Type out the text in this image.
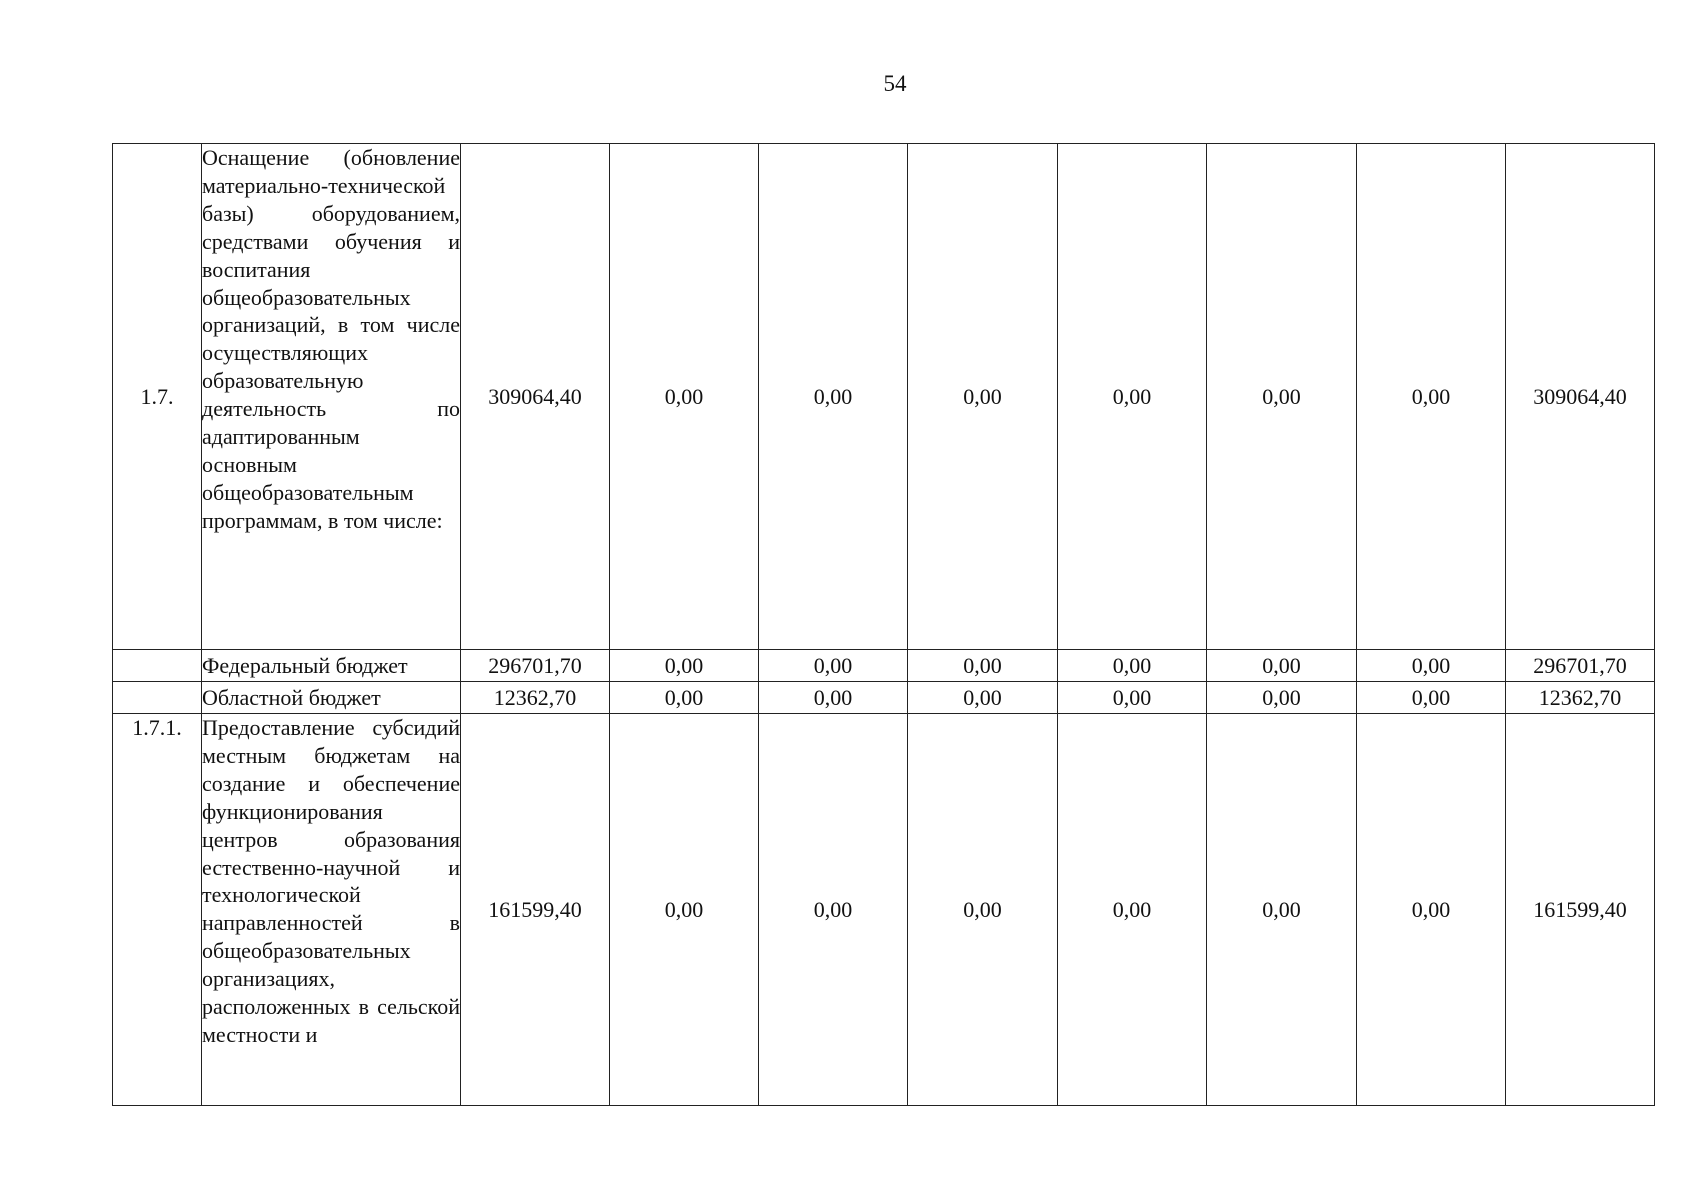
54
1.7.	Оснащение (обновление материально-технической базы) оборудованием, средствами обучения и воспитания общеобразовательных организаций, в том числе осуществляющих образовательную деятельность по адаптированным основным общеобразовательным программам, в том числе:	309064,40	0,00	0,00	0,00	0,00	0,00	0,00	309064,40
	Федеральный бюджет	296701,70	0,00	0,00	0,00	0,00	0,00	0,00	296701,70
	Областной бюджет	12362,70	0,00	0,00	0,00	0,00	0,00	0,00	12362,70
1.7.1.	Предоставление субсидий местным бюджетам на создание и обеспечение функционирования центров образования естественно-научной и технологической направленностей в общеобразовательных организациях, расположенных в сельской местности и	161599,40	0,00	0,00	0,00	0,00	0,00	0,00	161599,40
